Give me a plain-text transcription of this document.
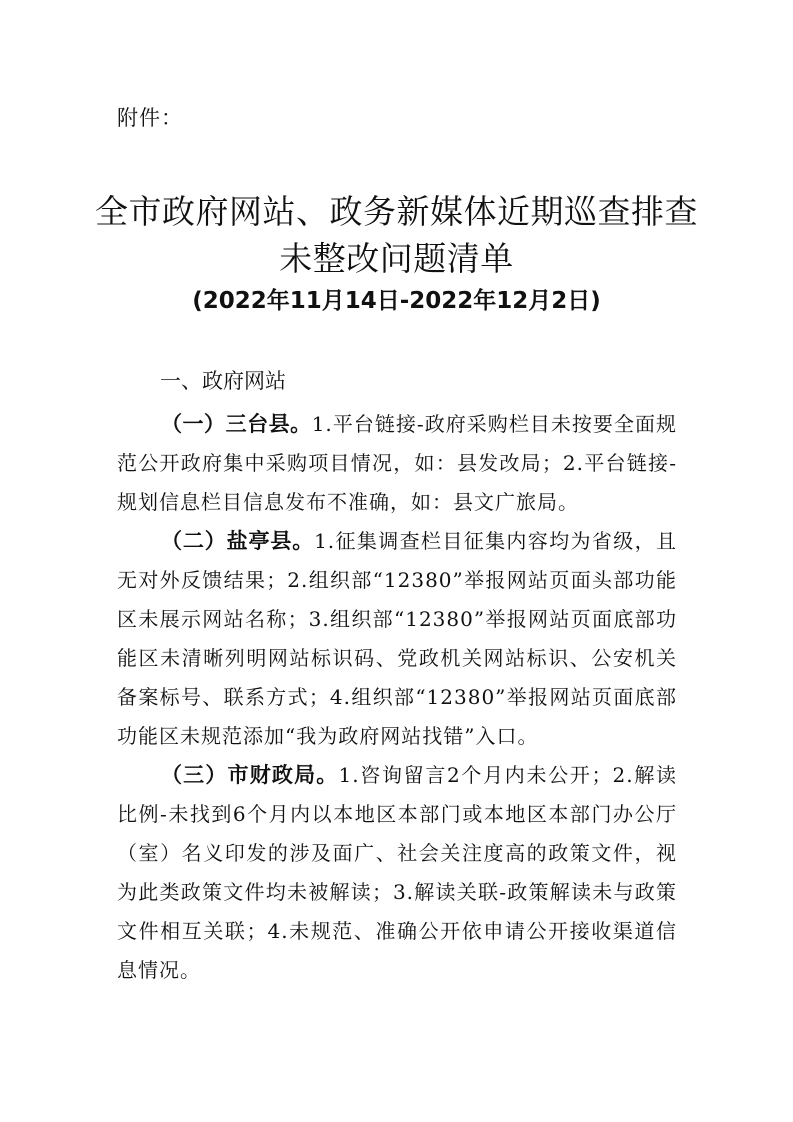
附件：
全市政府网站、政务新媒体近期巡查排查
未整改问题清单
(2022年11月14日-2022年12月2日)
一、政府网站

（一）三台县。1.平台链接-政府采购栏目未按要全面规范公开政府集中采购项目情况，如：县发改局；2.平台链接-规划信息栏目信息发布不准确，如：县文广旅局。

（二）盐亭县。1.征集调查栏目征集内容均为省级，且无对外反馈结果；2.组织部“12380”举报网站页面头部功能区未展示网站名称；3.组织部“12380”举报网站页面底部功能区未清晰列明网站标识码、党政机关网站标识、公安机关备案标号、联系方式；4.组织部“12380”举报网站页面底部功能区未规范添加“我为政府网站找错”入口。

（三）市财政局。1.咨询留言2个月内未公开；2.解读比例-未找到6个月内以本地区本部门或本地区本部门办公厅（室）名义印发的涉及面广、社会关注度高的政策文件，视为此类政策文件均未被解读；3.解读关联-政策解读未与政策文件相互关联；4.未规范、准确公开依申请公开接收渠道信息情况。
